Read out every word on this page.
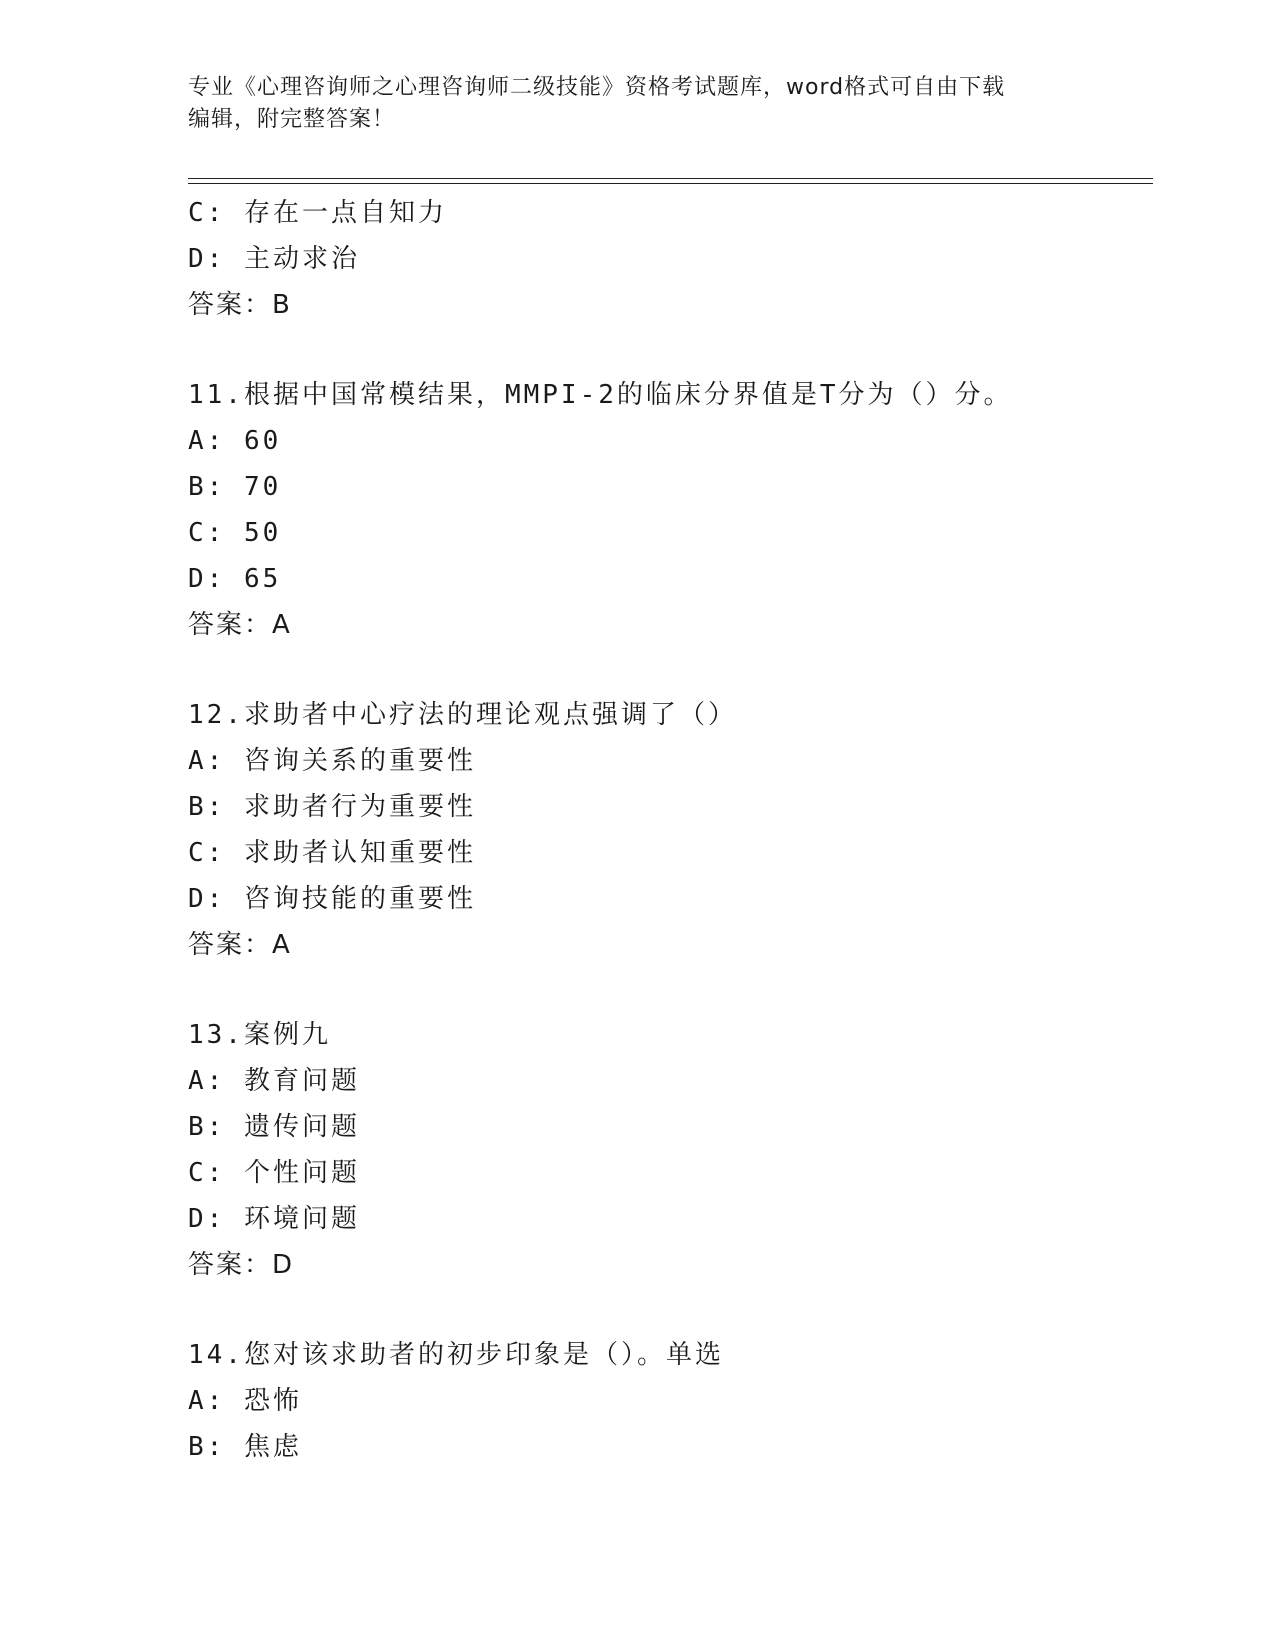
专业《心理咨询师之心理咨询师二级技能》资格考试题库，word格式可自由下载
编辑，附完整答案！
C: 存在一点自知力
D: 主动求治
答案：B
11.根据中国常模结果，MMPI-2的临床分界值是T分为（）分。
A: 60
B: 70
C: 50
D: 65
答案：A
12.求助者中心疗法的理论观点强调了（）
A: 咨询关系的重要性
B: 求助者行为重要性
C: 求助者认知重要性
D: 咨询技能的重要性
答案：A
13.案例九
A: 教育问题
B: 遗传问题
C: 个性问题
D: 环境问题
答案：D
14.您对该求助者的初步印象是（）。单选
A: 恐怖
B: 焦虑
